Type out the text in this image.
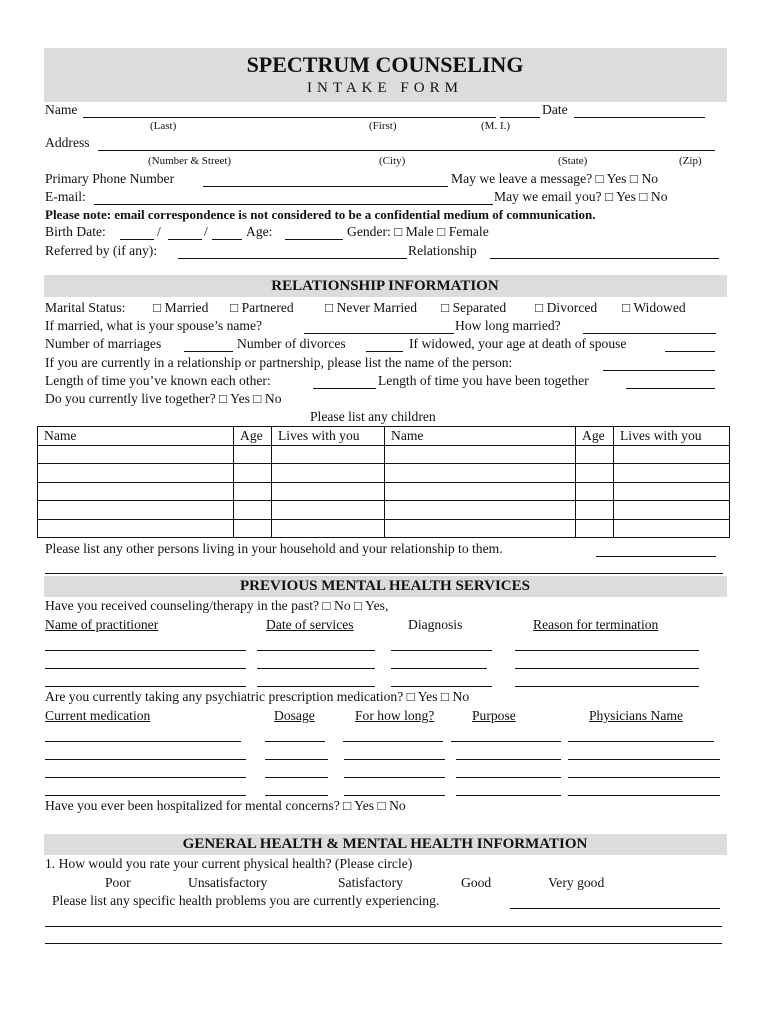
SPECTRUM COUNSELING
INTAKE FORM
Name	Date
(Last)	(First)	(M. I.)
Address
(Number & Street)	(City)	(State)	(Zip)
Primary Phone Number	May we leave a message? □ Yes □ No
E-mail:	May we email you? □ Yes □ No
Please note: email correspondence is not considered to be a confidential medium of communication.
Birth Date:	/	/	Age:	Gender: □ Male □ Female
Referred by (if any):	Relationship
RELATIONSHIP INFORMATION
Marital Status: □ Married □ Partnered □ Never Married □ Separated □ Divorced □ Widowed
If married, what is your spouse’s name?	How long married?
Number of marriages	Number of divorces	If widowed, your age at death of spouse
If you are currently in a relationship or partnership, please list the name of the person:
Length of time you’ve known each other:	Length of time you have been together
Do you currently live together? □ Yes □ No
Please list any children
Name	Age	Lives with you	Name	Age	Lives with you

Please list any other persons living in your household and your relationship to them.
PREVIOUS MENTAL HEALTH SERVICES
Have you received counseling/therapy in the past? □ No □ Yes,
Name of practitioner	Date of services	Diagnosis	Reason for termination
Are you currently taking any psychiatric prescription medication? □ Yes □ No
Current medication	Dosage	For how long?	Purpose	Physicians Name
Have you ever been hospitalized for mental concerns? □ Yes □ No
GENERAL HEALTH & MENTAL HEALTH INFORMATION
1. How would you rate your current physical health? (Please circle)
Poor	Unsatisfactory	Satisfactory	Good	Very good
Please list any specific health problems you are currently experiencing.
